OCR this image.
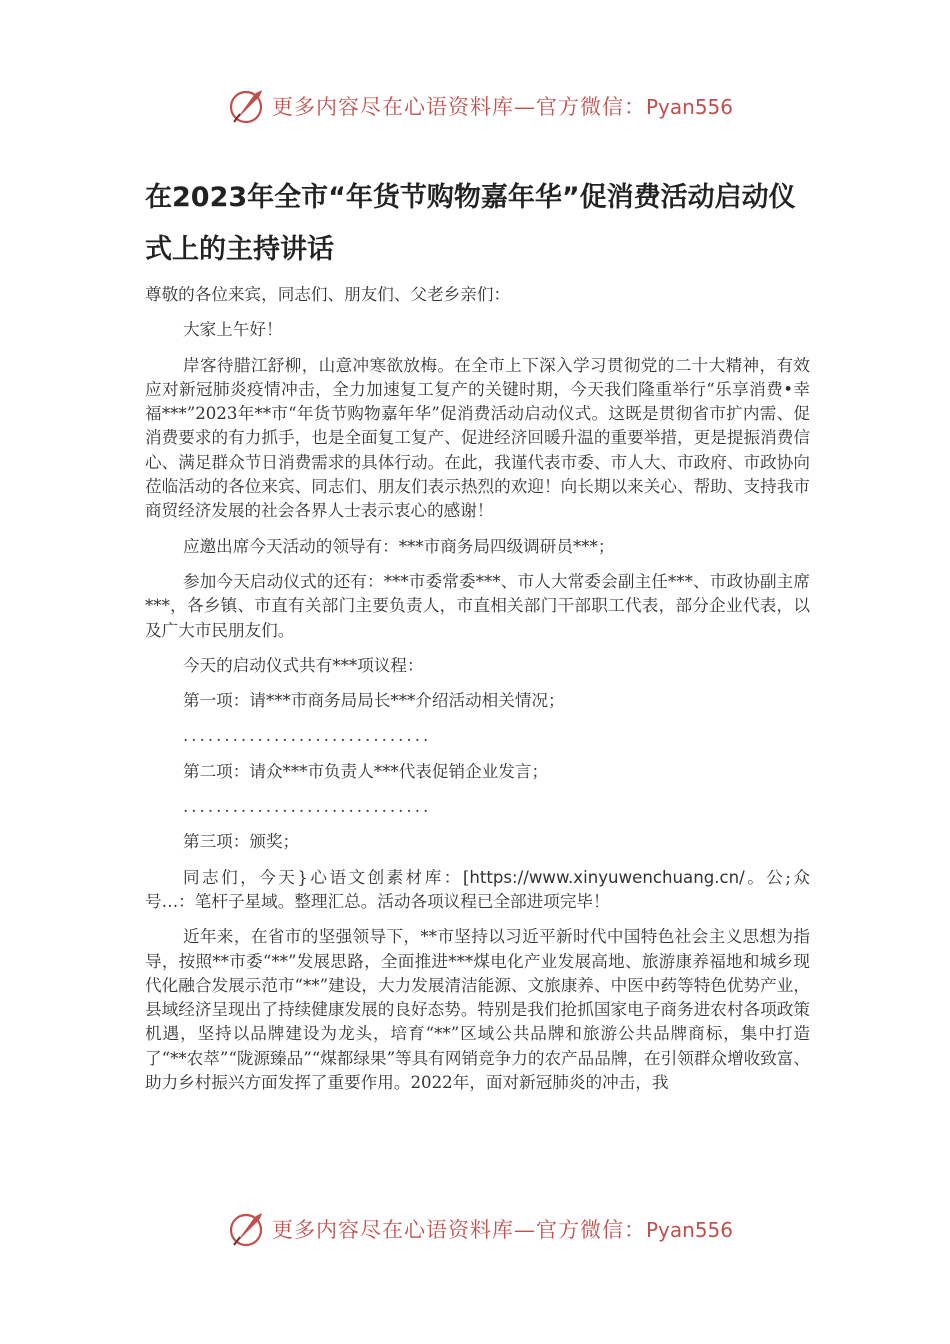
更多内容尽在心语资料库—官方微信：Pyan556
在2023年全市“年货节购物嘉年华”促消费活动启动仪式上的主持讲话

尊敬的各位来宾，同志们、朋友们、父老乡亲们：

大家上午好！

岸客待腊江舒柳，山意冲寒欲放梅。在全市上下深入学习贯彻党的二十大精神，有效应对新冠肺炎疫情冲击，全力加速复工复产的关键时期，今天我们隆重举行“乐享消费•幸福***”2023年**市“年货节购物嘉年华”促消费活动启动仪式。这既是贯彻省市扩内需、促消费要求的有力抓手，也是全面复工复产、促进经济回暖升温的重要举措，更是提振消费信心、满足群众节日消费需求的具体行动。在此，我谨代表市委、市人大、市政府、市政协向莅临活动的各位来宾、同志们、朋友们表示热烈的欢迎！向长期以来关心、帮助、支持我市商贸经济发展的社会各界人士表示衷心的感谢！

应邀出席今天活动的领导有：***市商务局四级调研员***；

参加今天启动仪式的还有：***市委常委***、市人大常委会副主任***、市政协副主席***，各乡镇、市直有关部门主要负责人，市直相关部门干部职工代表，部分企业代表，以及广大市民朋友们。

今天的启动仪式共有***项议程：

第一项：请***市商务局局长***介绍活动相关情况；

..............................

第二项：请众***市负责人***代表促销企业发言；

..............................

第三项：颁奖；

同志们，今天}心语文创素材库：[https://www.xinyuwenchuang.cn/。公;众号…：笔杆子星域。整理汇总。活动各项议程已全部进项完毕！

近年来，在省市的坚强领导下，**市坚持以习近平新时代中国特色社会主义思想为指导，按照**市委“**”发展思路，全面推进***煤电化产业发展高地、旅游康养福地和城乡现代化融合发展示范市“**”建设，大力发展清洁能源、文旅康养、中医中药等特色优势产业，县域经济呈现出了持续健康发展的良好态势。特别是我们抢抓国家电子商务进农村各项政策机遇，坚持以品牌建设为龙头，培育“**”区域公共品牌和旅游公共品牌商标，集中打造了“**农萃”“陇源臻品”“煤都绿果”等具有网销竞争力的农产品品牌，在引领群众增收致富、助力乡村振兴方面发挥了重要作用。2022年，面对新冠肺炎的冲击，我

更多内容尽在心语资料库—官方微信：Pyan556
